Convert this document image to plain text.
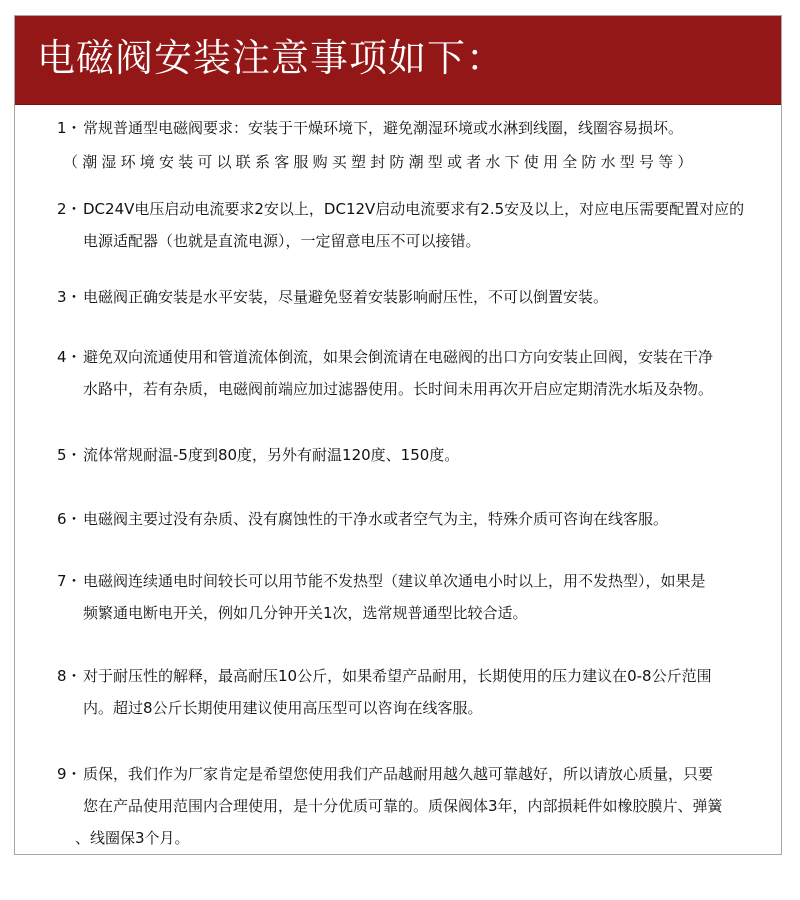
电磁阀安装注意事项如下：
1・ 常规普通型电磁阀要求：安装于干燥环境下，避免潮湿环境或水淋到线圈，线圈容易损坏。
（潮湿环境安装可以联系客服购买塑封防潮型或者水下使用全防水型号等）
2・ DC24V电压启动电流要求2安以上，DC12V启动电流要求有2.5安及以上，对应电压需要配置对应的
电源适配器（也就是直流电源），一定留意电压不可以接错。
3・ 电磁阀正确安装是水平安装，尽量避免竖着安装影响耐压性，不可以倒置安装。
4・ 避免双向流通使用和管道流体倒流，如果会倒流请在电磁阀的出口方向安装止回阀，安装在干净
水路中，若有杂质，电磁阀前端应加过滤器使用。长时间未用再次开启应定期清洗水垢及杂物。
5・ 流体常规耐温-5度到80度，另外有耐温120度、150度。
6・ 电磁阀主要过没有杂质、没有腐蚀性的干净水或者空气为主，特殊介质可咨询在线客服。
7・ 电磁阀连续通电时间较长可以用节能不发热型（建议单次通电小时以上，用不发热型），如果是
频繁通电断电开关，例如几分钟开关1次，选常规普通型比较合适。
8・ 对于耐压性的解释，最高耐压10公斤，如果希望产品耐用，长期使用的压力建议在0-8公斤范围
内。超过8公斤长期使用建议使用高压型可以咨询在线客服。
9・ 质保，我们作为厂家肯定是希望您使用我们产品越耐用越久越可靠越好，所以请放心质量，只要
您在产品使用范围内合理使用，是十分优质可靠的。质保阀体3年，内部损耗件如橡胶膜片、弹簧
、线圈保3个月。
